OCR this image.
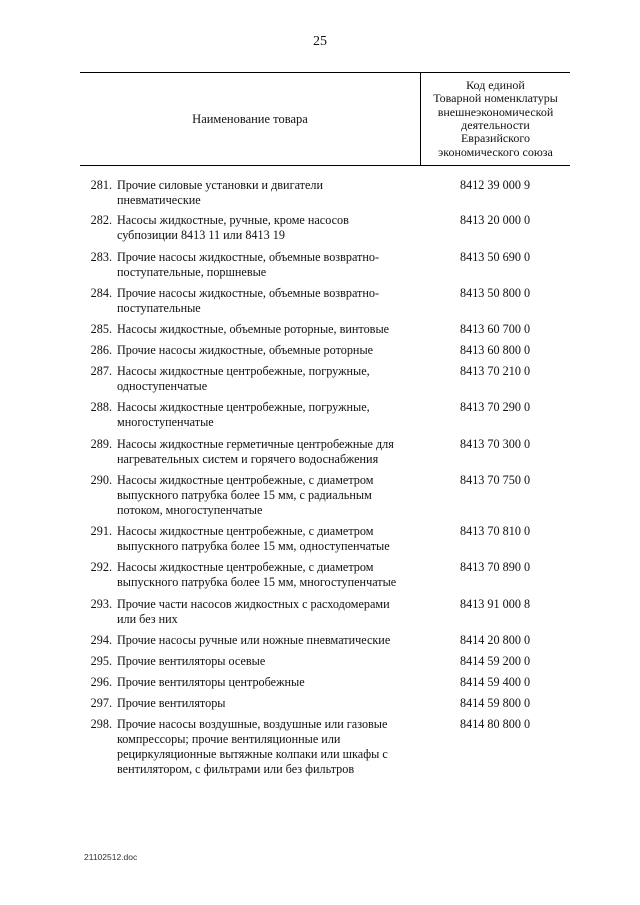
25
Наименование товара
Код единой
Товарной номенклатуры
внешнеэкономической
деятельности
Евразийского
экономического союза
281. Прочие силовые установки и двигатели
пневматические
8412 39 000 9
282. Насосы жидкостные, ручные, кроме насосов
субпозиции 8413 11 или 8413 19
8413 20 000 0
283. Прочие насосы жидкостные, объемные возвратно-
поступательные, поршневые
8413 50 690 0
284. Прочие насосы жидкостные, объемные возвратно-
поступательные
8413 50 800 0
285. Насосы жидкостные, объемные роторные, винтовые	8413 60 700 0
286. Прочие насосы жидкостные, объемные роторные	8413 60 800 0
287. Насосы жидкостные центробежные, погружные,
одноступенчатые
8413 70 210 0
288. Насосы жидкостные центробежные, погружные,
многоступенчатые
8413 70 290 0
289. Насосы жидкостные герметичные центробежные для
нагревательных систем и горячего водоснабжения
8413 70 300 0
290. Насосы жидкостные центробежные, с диаметром
выпускного патрубка более 15 мм, с радиальным
потоком, многоступенчатые
8413 70 750 0
291. Насосы жидкостные центробежные, с диаметром
выпускного патрубка более 15 мм, одноступенчатые
8413 70 810 0
292. Насосы жидкостные центробежные, с диаметром
выпускного патрубка более 15 мм, многоступенчатые
8413 70 890 0
293. Прочие части насосов жидкостных с расходомерами
или без них
8413 91 000 8
294. Прочие насосы ручные или ножные пневматические	8414 20 800 0
295. Прочие вентиляторы осевые	8414 59 200 0
296. Прочие вентиляторы центробежные	8414 59 400 0
297. Прочие вентиляторы	8414 59 800 0
298. Прочие насосы воздушные, воздушные или газовые
компрессоры; прочие вентиляционные или
рециркуляционные вытяжные колпаки или шкафы с
вентилятором, с фильтрами или без фильтров
8414 80 800 0
21102512.doc
